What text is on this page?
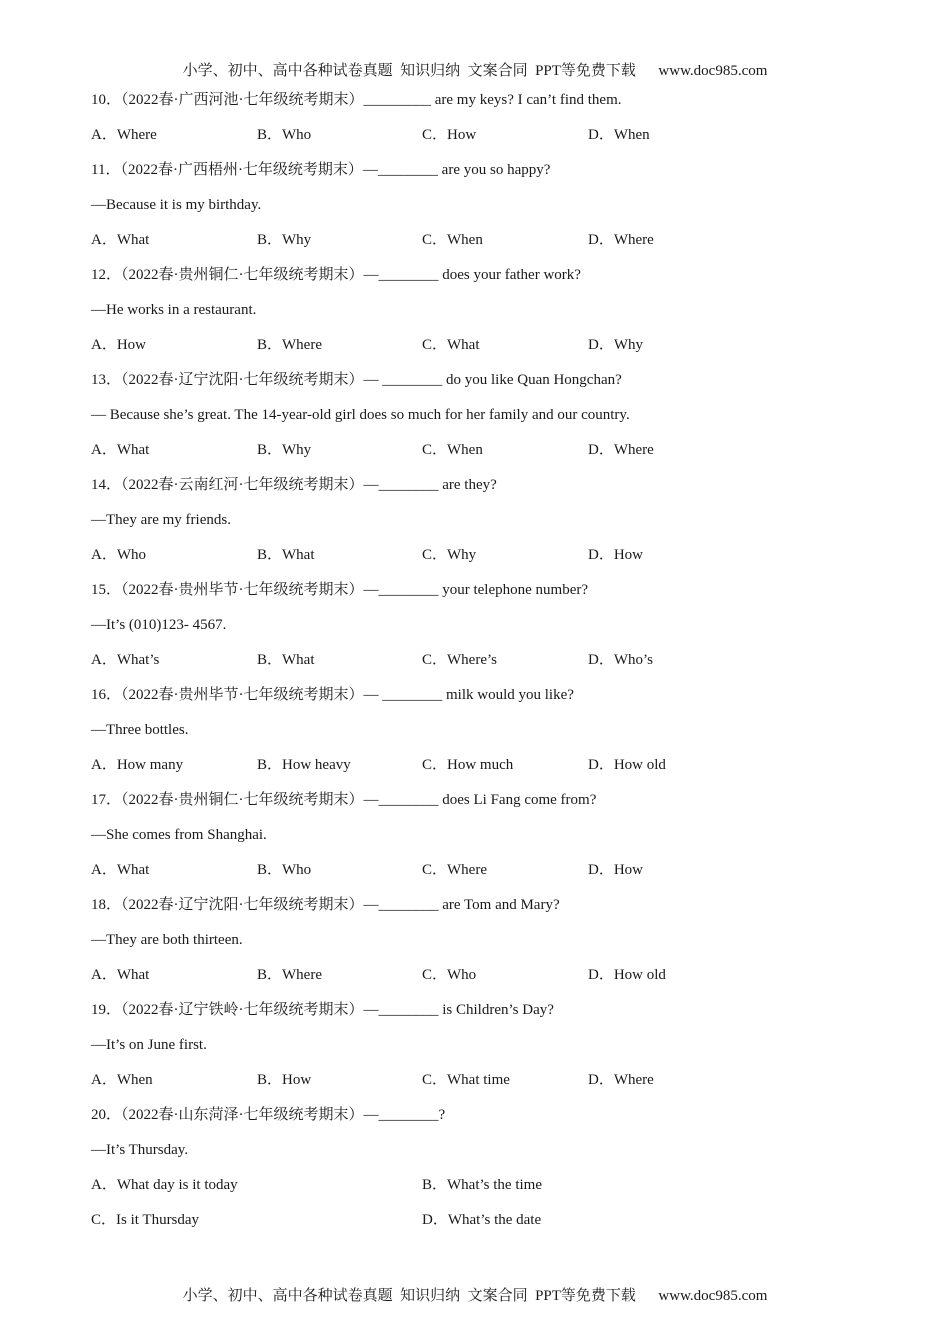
小学、初中、高中各种试卷真题  知识归纳  文案合同  PPT等免费下载      www.doc985.com
10．（2022春·广西河池·七年级统考期末）_________ are my keys? I can’t find them.
A．Where	B．Who	C．How	D．When
11．（2022春·广西梧州·七年级统考期末）—________ are you so happy?
—Because it is my birthday.
A．What	B．Why	C．When	D．Where
12．（2022春·贵州铜仁·七年级统考期末）—________ does your father work?
—He works in a restaurant.
A．How	B．Where	C．What	D．Why
13．（2022春·辽宁沈阳·七年级统考期末）— ________ do you like Quan Hongchan?
— Because she’s great. The 14-year-old girl does so much for her family and our country.
A．What	B．Why	C．When	D．Where
14．（2022春·云南红河·七年级统考期末）—________ are they?
—They are my friends.
A．Who	B．What	C．Why	D．How
15．（2022春·贵州毕节·七年级统考期末）—________ your telephone number?
—It’s (010)123- 4567.
A．What’s	B．What	C．Where’s	D．Who’s
16．（2022春·贵州毕节·七年级统考期末）— ________ milk would you like?
—Three bottles.
A．How many	B．How heavy	C．How much	D．How old
17．（2022春·贵州铜仁·七年级统考期末）—________ does Li Fang come from?
—She comes from Shanghai.
A．What	B．Who	C．Where	D．How
18．（2022春·辽宁沈阳·七年级统考期末）—________ are Tom and Mary?
—They are both thirteen.
A．What	B．Where	C．Who	D．How old
19．（2022春·辽宁铁岭·七年级统考期末）—________ is Children’s Day?
—It’s on June first.
A．When	B．How	C．What time	D．Where
20．（2022春·山东菏泽·七年级统考期末）—________?
—It’s Thursday.
A．What day is it today	B．What’s the time
C．Is it Thursday	D．What’s the date
小学、初中、高中各种试卷真题  知识归纳  文案合同  PPT等免费下载      www.doc985.com
